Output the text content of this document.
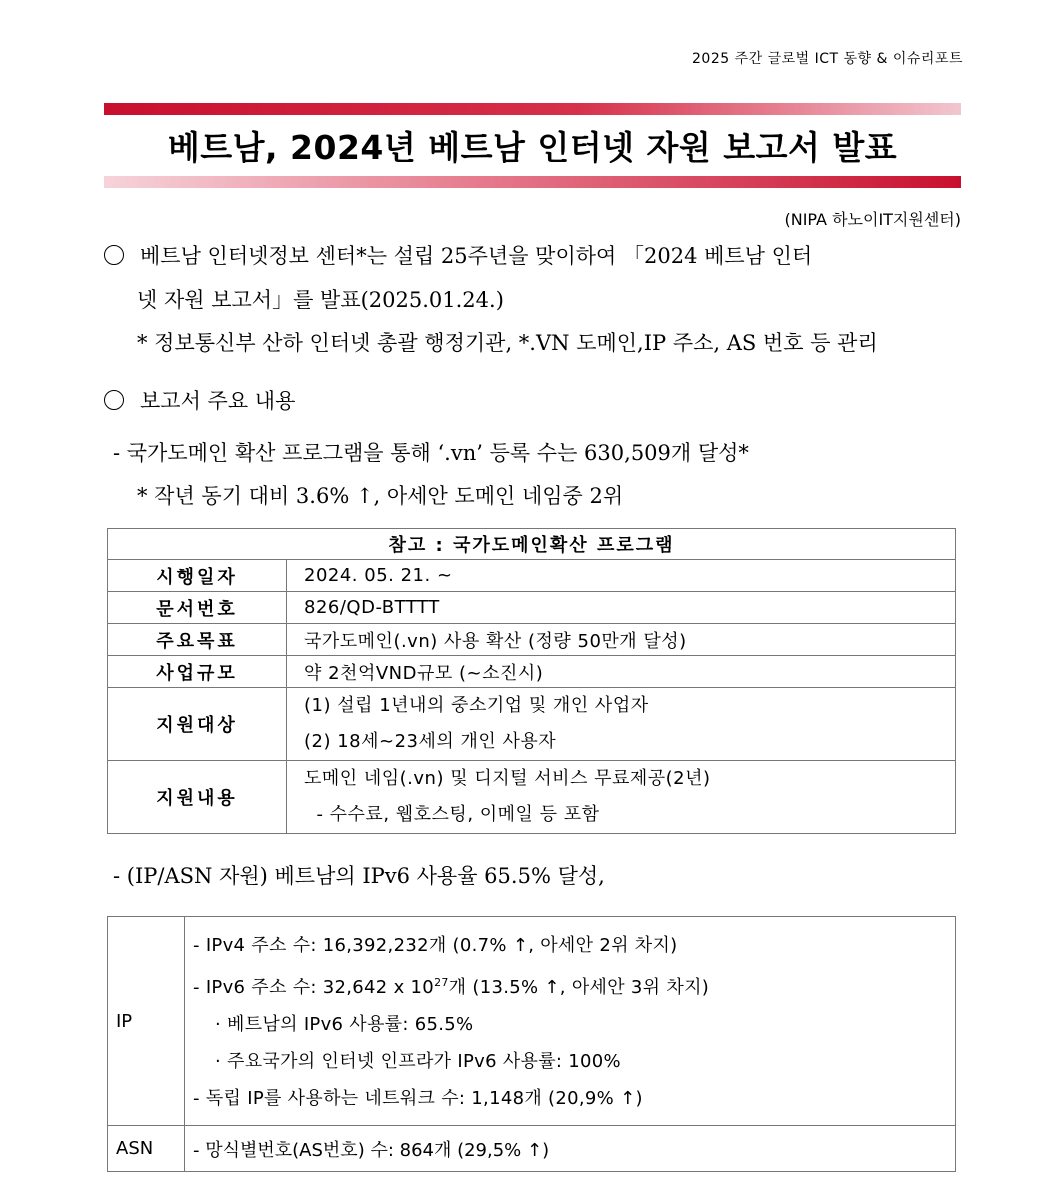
2025 주간 글로벌 ICT 동향 & 이슈리포트
베트남, 2024년 베트남 인터넷 자원 보고서 발표
(NIPA 하노이IT지원센터)
베트남 인터넷정보 센터*는 설립 25주년을 맞이하여 「2024 베트남 인터
넷 자원 보고서」를 발표(2025.01.24.)
* 정보통신부 산하 인터넷 총괄 행정기관, *.VN 도메인,IP 주소, AS 번호 등 관리
보고서 주요 내용
- 국가도메인 확산 프로그램을 통해 ‘.vn’ 등록 수는 630,509개 달성*
* 작년 동기 대비 3.6% ↑, 아세안 도메인 네임중 2위
참고 : 국가도메인확산 프로그램	
시행일자	2024. 05. 21. ~
문서번호	826/QD-BTTTT
주요목표	국가도메인(.vn) 사용 확산 (정량 50만개 달성)
사업규모	약 2천억VND규모 (~소진시)
지원대상	(1) 설립 1년내의 중소기업 및 개인 사업자
(2) 18세~23세의 개인 사용자

지원내용	도메인 네임(.vn) 및 디지털 서비스 무료제공(2년)
- 수수료, 웹호스팅, 이메일 등 포함
- (IP/ASN 자원) 베트남의 IPv6 사용율 65.5% 달성,
IP	- IPv4 주소 수: 16,392,232개 (0.7% ↑, 아세안 2위 차지)
- IPv6 주소 수: 32,642 x $10^{27}$개 (13.5% ↑, 아세안 3위 차지)
· 베트남의 IPv6 사용률: 65.5%
· 주요국가의 인터넷 인프라가 IPv6 사용률: 100%
- 독립 IP를 사용하는 네트워크 수: 1,148개 (20,9% ↑)

ASN	- 망식별번호(AS번호) 수: 864개 (29,5% ↑)
